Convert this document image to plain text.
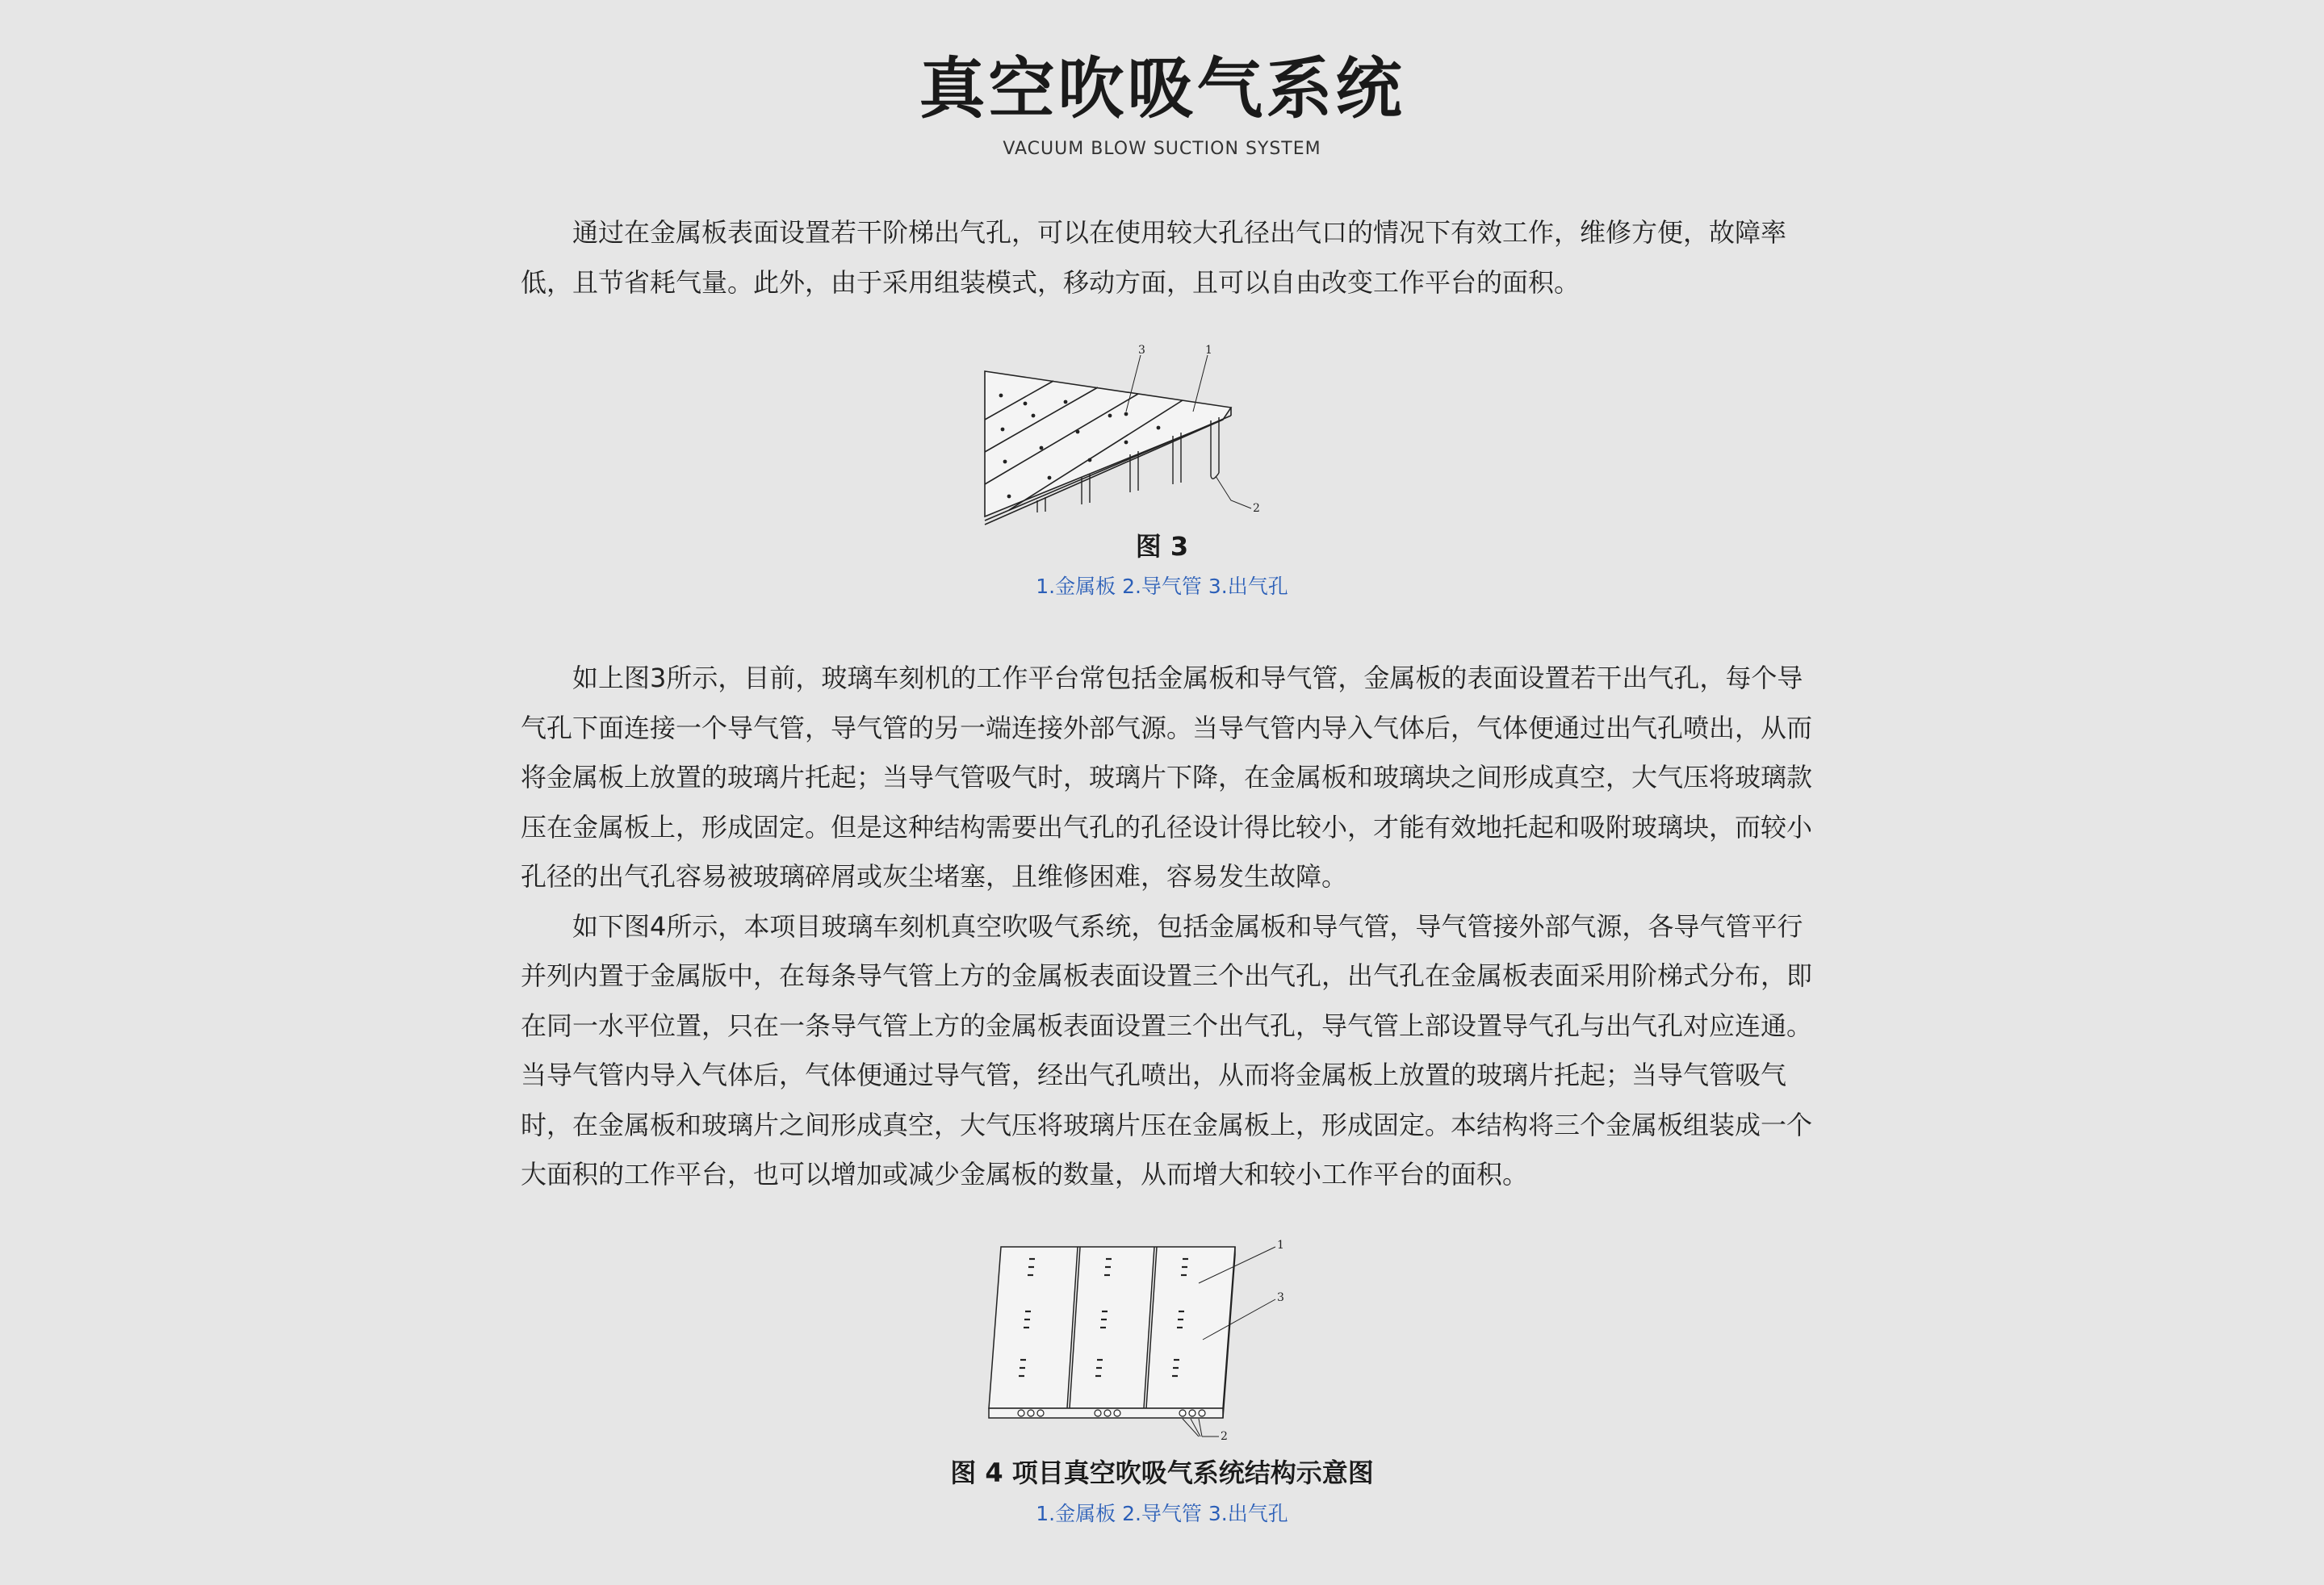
真空吹吸气系统
VACUUM BLOW SUCTION SYSTEM

通过在金属板表面设置若干阶梯出气孔，可以在使用较大孔径出气口的情况下有效工作，维修方便，故障率低，且节省耗气量。此外，由于采用组装模式，移动方面，且可以自由改变工作平台的面积。

3	1
2
图 3
1.金属板 2.导气管 3.出气孔

如上图3所示，目前，玻璃车刻机的工作平台常包括金属板和导气管，金属板的表面设置若干出气孔，每个导气孔下面连接一个导气管，导气管的另一端连接外部气源。当导气管内导入气体后，气体便通过出气孔喷出，从而将金属板上放置的玻璃片托起；当导气管吸气时，玻璃片下降，在金属板和玻璃块之间形成真空，大气压将玻璃款压在金属板上，形成固定。但是这种结构需要出气孔的孔径设计得比较小，才能有效地托起和吸附玻璃块，而较小孔径的出气孔容易被玻璃碎屑或灰尘堵塞，且维修困难，容易发生故障。

如下图4所示，本项目玻璃车刻机真空吹吸气系统，包括金属板和导气管，导气管接外部气源，各导气管平行并列内置于金属版中，在每条导气管上方的金属板表面设置三个出气孔，出气孔在金属板表面采用阶梯式分布，即在同一水平位置，只在一条导气管上方的金属板表面设置三个出气孔，导气管上部设置导气孔与出气孔对应连通。当导气管内导入气体后，气体便通过导气管，经出气孔喷出，从而将金属板上放置的玻璃片托起；当导气管吸气时，在金属板和玻璃片之间形成真空，大气压将玻璃片压在金属板上，形成固定。本结构将三个金属板组装成一个大面积的工作平台，也可以增加或减少金属板的数量，从而增大和较小工作平台的面积。

1
3
2
图 4 项目真空吹吸气系统结构示意图
1.金属板 2.导气管 3.出气孔
